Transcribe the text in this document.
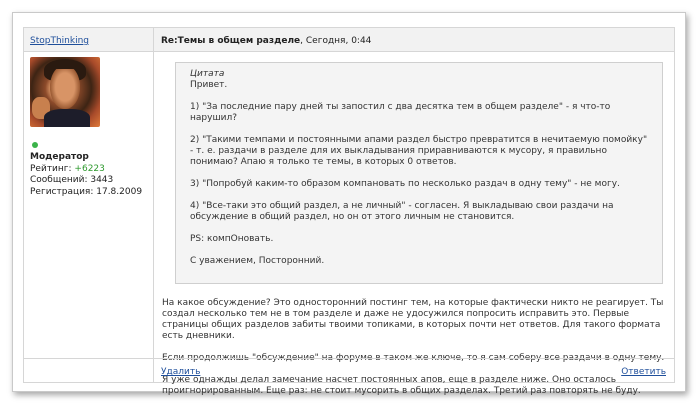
StopThinking	Re:Темы в общем разделе, Сегодня, 0:44
Модератор
Рейтинг: +6223
Сообщений: 3443
Регистрация: 17.8.2009

Цитата

Привет.

1) "За последние пару дней ты запостил с два десятка тем в общем разделе" - я что-то нарушил?

2) "Такими темпами и постоянными апами раздел быстро превратится в нечитаемую помойку" - т. е. раздачи в разделе для их выкладывания приравниваются к мусору, я правильно понимаю? Апаю я только те темы, в которых 0 ответов.

3) "Попробуй каким-то образом компановать по несколько раздач в одну тему" - не могу.

4) "Все-таки это общий раздел, а не личный" - согласен. Я выкладываю свои раздачи на обсуждение в общий раздел, но он от этого личным не становится.

PS: компОновать.

С уважением, Посторонний.

На какое обсуждение? Это односторонний постинг тем, на которые фактически никто не реагирует. Ты создал несколько тем не в том разделе и даже не удосужился попросить исправить это. Первые страницы общих разделов забиты твоими топиками, в которых почти нет ответов. Для такого формата есть дневники.

Если продолжишь "обсуждение" на форуме в таком же ключе, то я сам соберу все раздачи в одну тему.

Я уже однажды делал замечание насчет постоянных апов, еще в разделе ниже. Оно осталось проигнорированным. Еще раз: не стоит мусорить в общих разделах. Третий раз повторять не буду.

Удалить	Ответить
